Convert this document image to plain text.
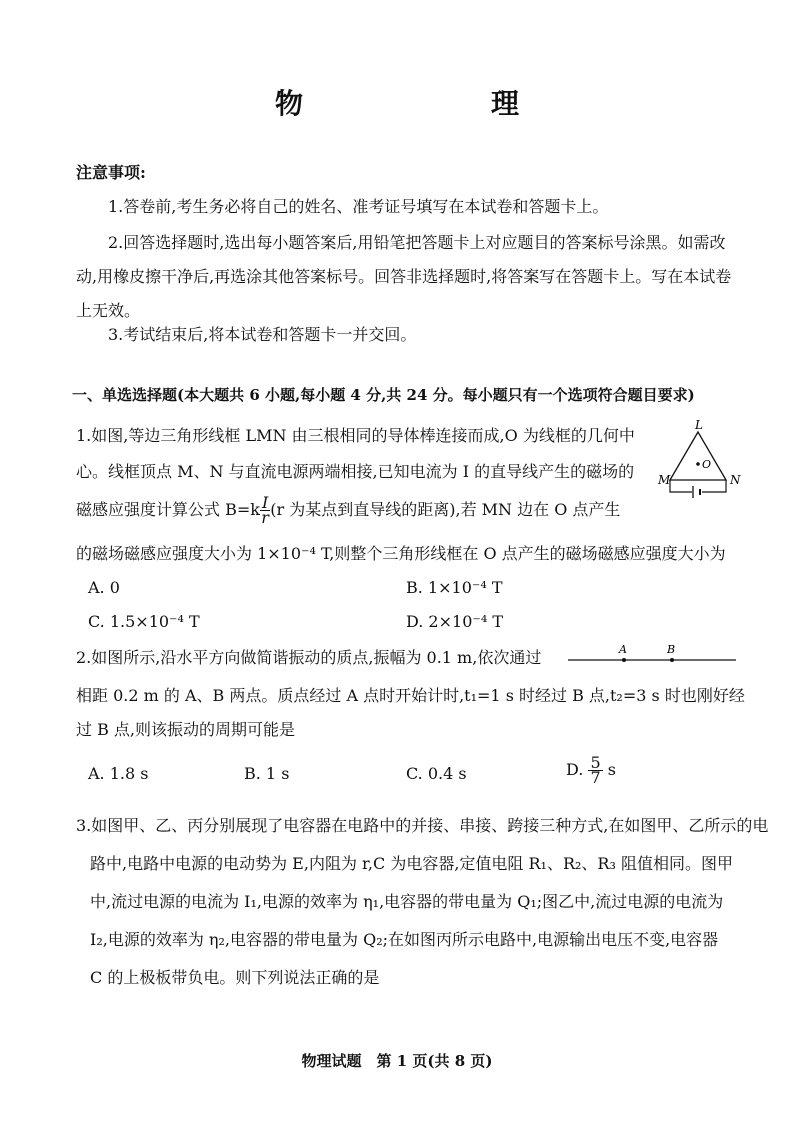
物　　理
注意事项:
1.答卷前,考生务必将自己的姓名、准考证号填写在本试卷和答题卡上。
2.回答选择题时,选出每小题答案后,用铅笔把答题卡上对应题目的答案标号涂黑。如需改动,用橡皮擦干净后,再选涂其他答案标号。回答非选择题时,将答案写在答题卡上。写在本试卷上无效。
3.考试结束后,将本试卷和答题卡一并交回。
一、单选选择题(本大题共 6 小题,每小题 4 分,共 24 分。每小题只有一个选项符合题目要求)
1.如图,等边三角形线框 LMN 由三根相同的导体棒连接而成,O 为线框的几何中
心。线框顶点 M、N 与直流电源两端相接,已知电流为 I 的直导线产生的磁场的
磁感应强度计算公式 $B=k \frac{I}{r} (r$ 为某点到直导线的距离),若 MN 边在 O 点产生
的磁场磁感应强度大小为 1×10⁻⁴ T,则整个三角形线框在 O 点产生的磁场磁感应强度大小为
A. 0	B. 1×10⁻⁴ T
C. 1.5×10⁻⁴ T	D. 2×10⁻⁴ T
L
O
M	N
2.如图所示,沿水平方向做简谐振动的质点,振幅为 0.1 m,依次通过	A	B
相距 0.2 m 的 A、B 两点。质点经过 A 点时开始计时,t₁=1 s 时经过 B 点,t₂=3 s 时也刚好经
过 B 点,则该振动的周期可能是
A. 1.8 s	B. 1 s	C. 0.4 s	D. $\frac{5}{7}$ s
3.如图甲、乙、丙分别展现了电容器在电路中的并接、串接、跨接三种方式,在如图甲、乙所示的电
路中,电路中电源的电动势为 E,内阻为 r,C 为电容器,定值电阻 R₁、R₂、R₃ 阻值相同。图甲
中,流过电源的电流为 I₁,电源的效率为 η₁,电容器的带电量为 Q₁;图乙中,流过电源的电流为
I₂,电源的效率为 η₂,电容器的带电量为 Q₂;在如图丙所示电路中,电源输出电压不变,电容器
C 的上极板带负电。则下列说法正确的是
物理试题　第 1 页(共 8 页)
